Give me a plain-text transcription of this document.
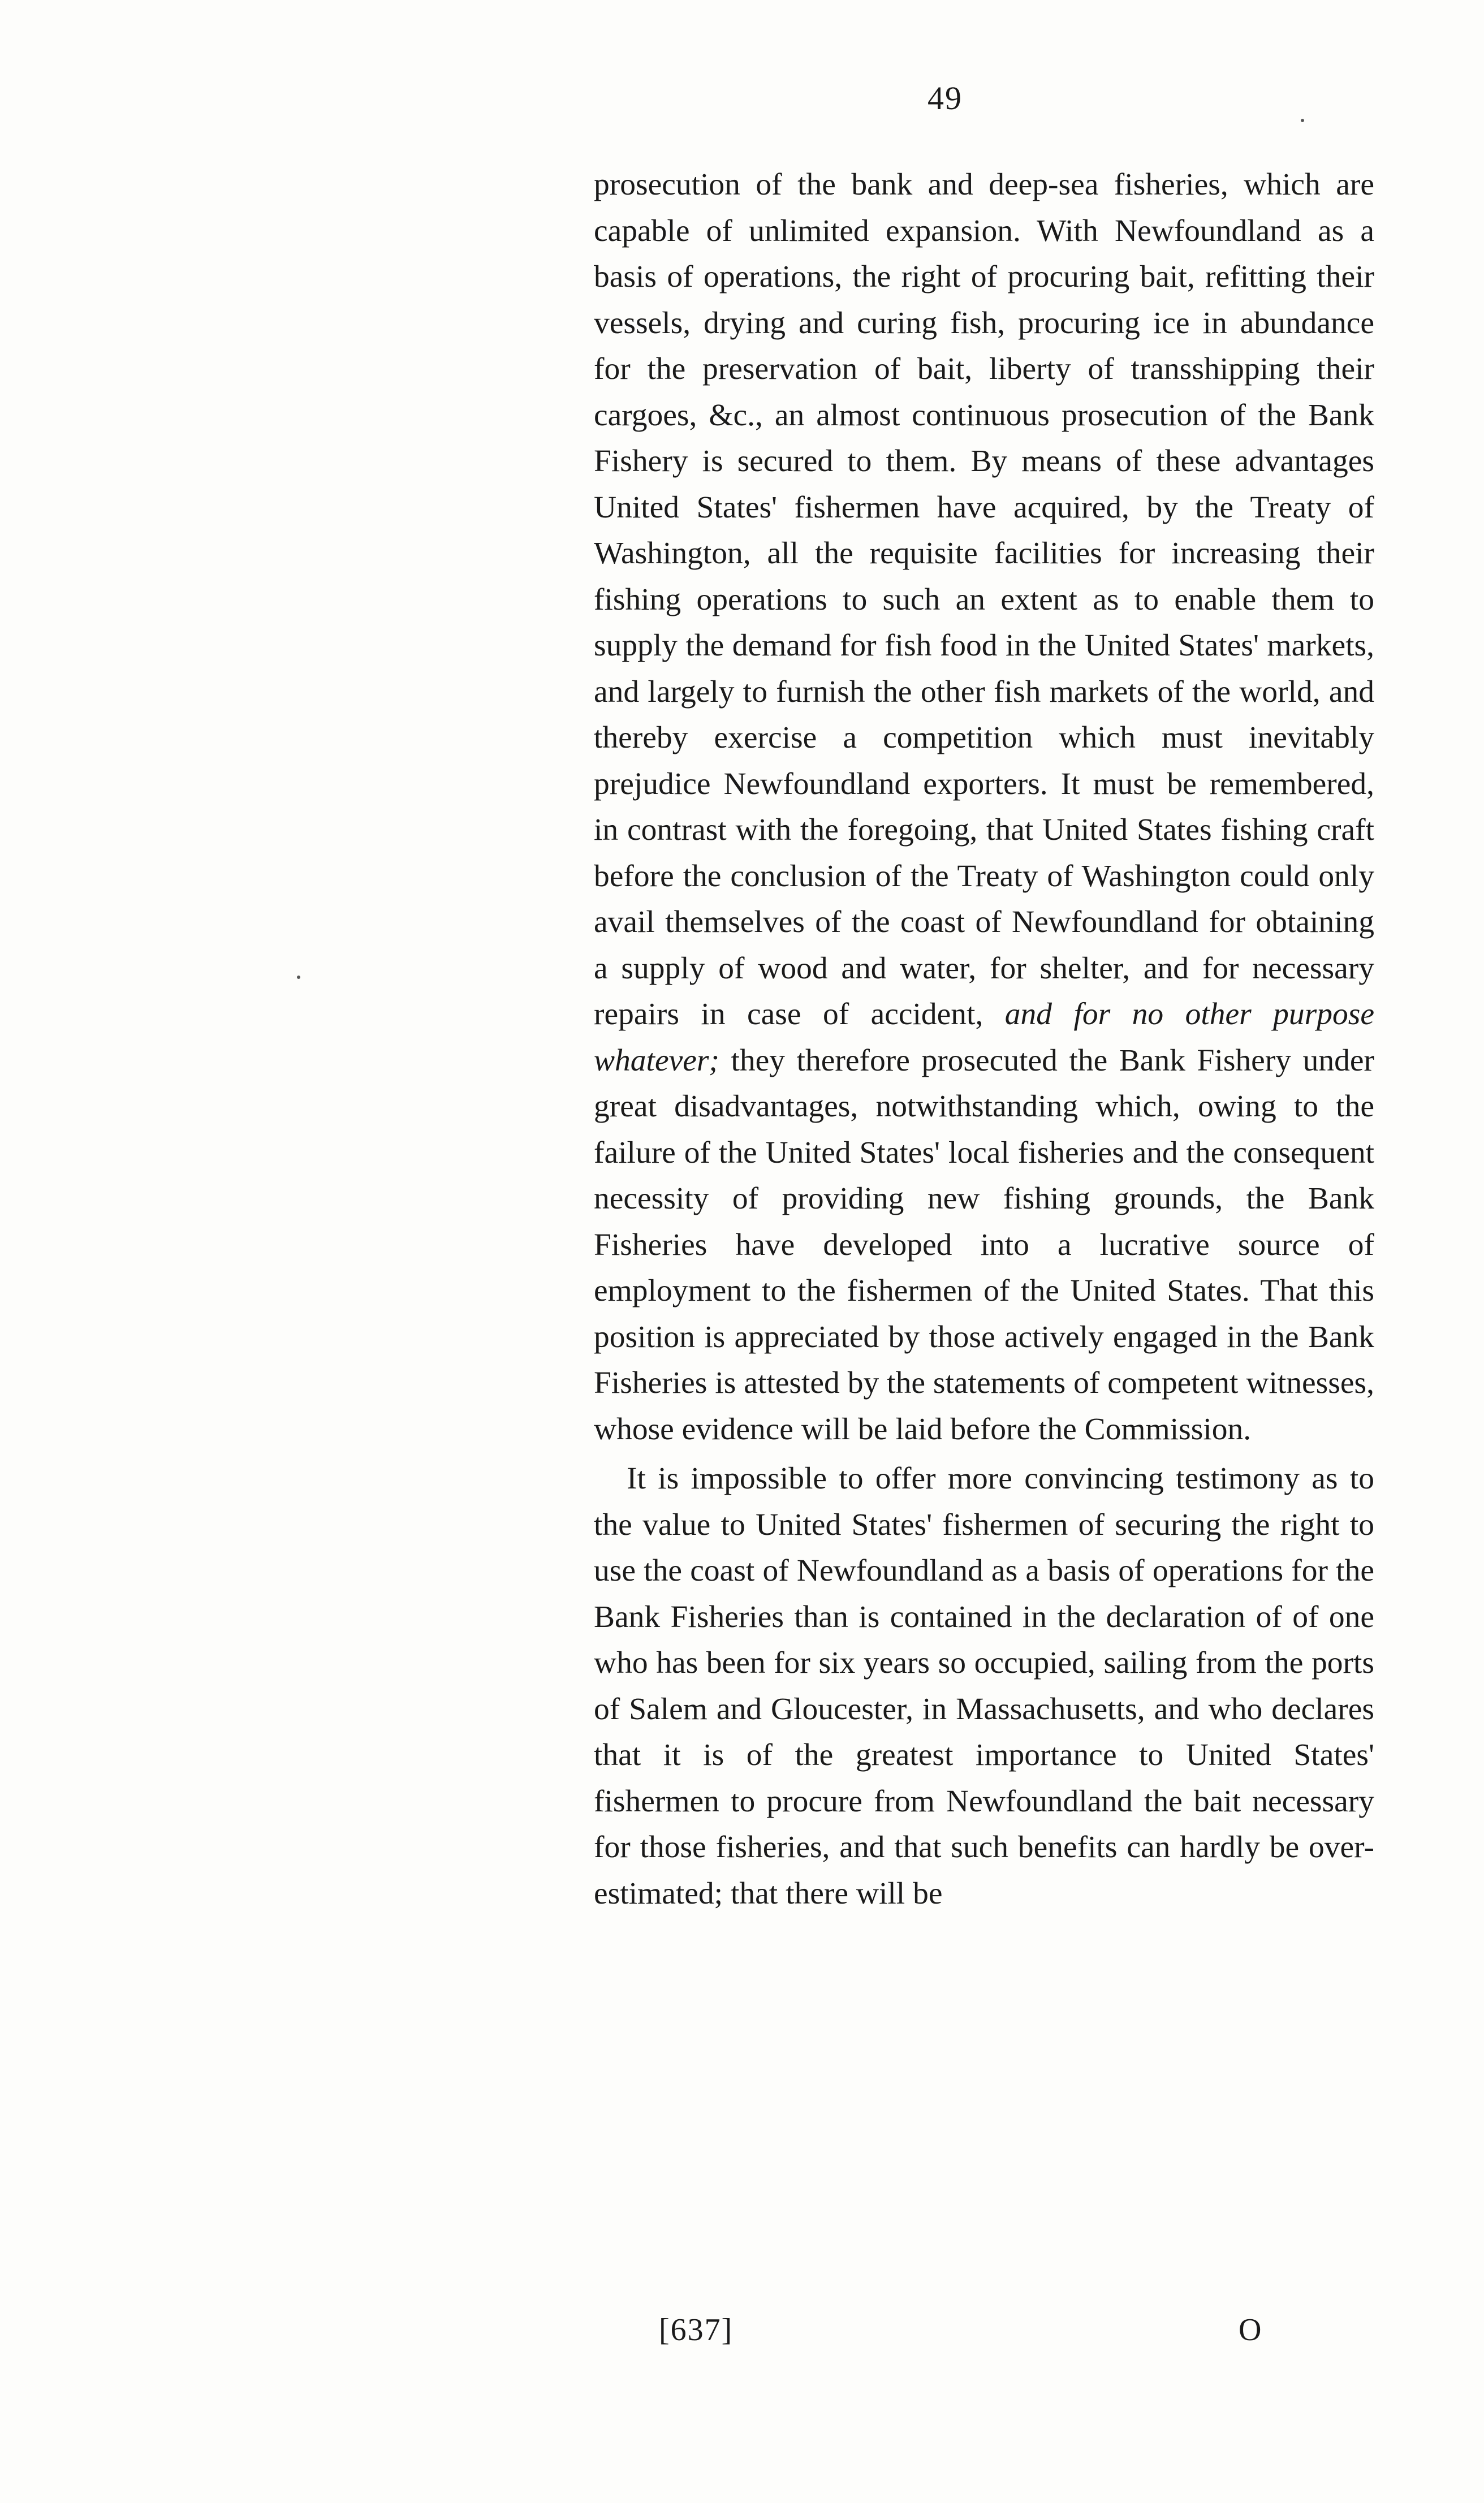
49

prosecution of the bank and deep-sea fisheries, which are capable of unlimited expansion. With Newfoundland as a basis of operations, the right of procuring bait, refitting their vessels, drying and curing fish, procuring ice in abundance for the preservation of bait, liberty of transshipping their cargoes, &c., an almost continuous prosecution of the Bank Fishery is secured to them. By means of these advantages United States' fishermen have acquired, by the Treaty of Washington, all the requisite facilities for increasing their fishing operations to such an extent as to enable them to supply the demand for fish food in the United States' markets, and largely to furnish the other fish markets of the world, and thereby exercise a competition which must inevitably prejudice Newfoundland exporters. It must be remembered, in contrast with the foregoing, that United States fishing craft before the conclusion of the Treaty of Washington could only avail themselves of the coast of Newfoundland for obtaining a supply of wood and water, for shelter, and for necessary repairs in case of accident, and for no other purpose whatever; they therefore prosecuted the Bank Fishery under great disadvantages, notwithstanding which, owing to the failure of the United States' local fisheries and the consequent necessity of providing new fishing grounds, the Bank Fisheries have developed into a lucrative source of employment to the fishermen of the United States. That this position is appreciated by those actively engaged in the Bank Fisheries is attested by the statements of competent witnesses, whose evidence will be laid before the Commission.

It is impossible to offer more convincing testimony as to the value to United States' fishermen of securing the right to use the coast of Newfoundland as a basis of operations for the Bank Fisheries than is contained in the declaration of of one who has been for six years so occupied, sailing from the ports of Salem and Gloucester, in Massachusetts, and who declares that it is of the greatest importance to United States' fishermen to procure from Newfoundland the bait necessary for those fisheries, and that such benefits can hardly be over-estimated; that there will be

[637]	O
